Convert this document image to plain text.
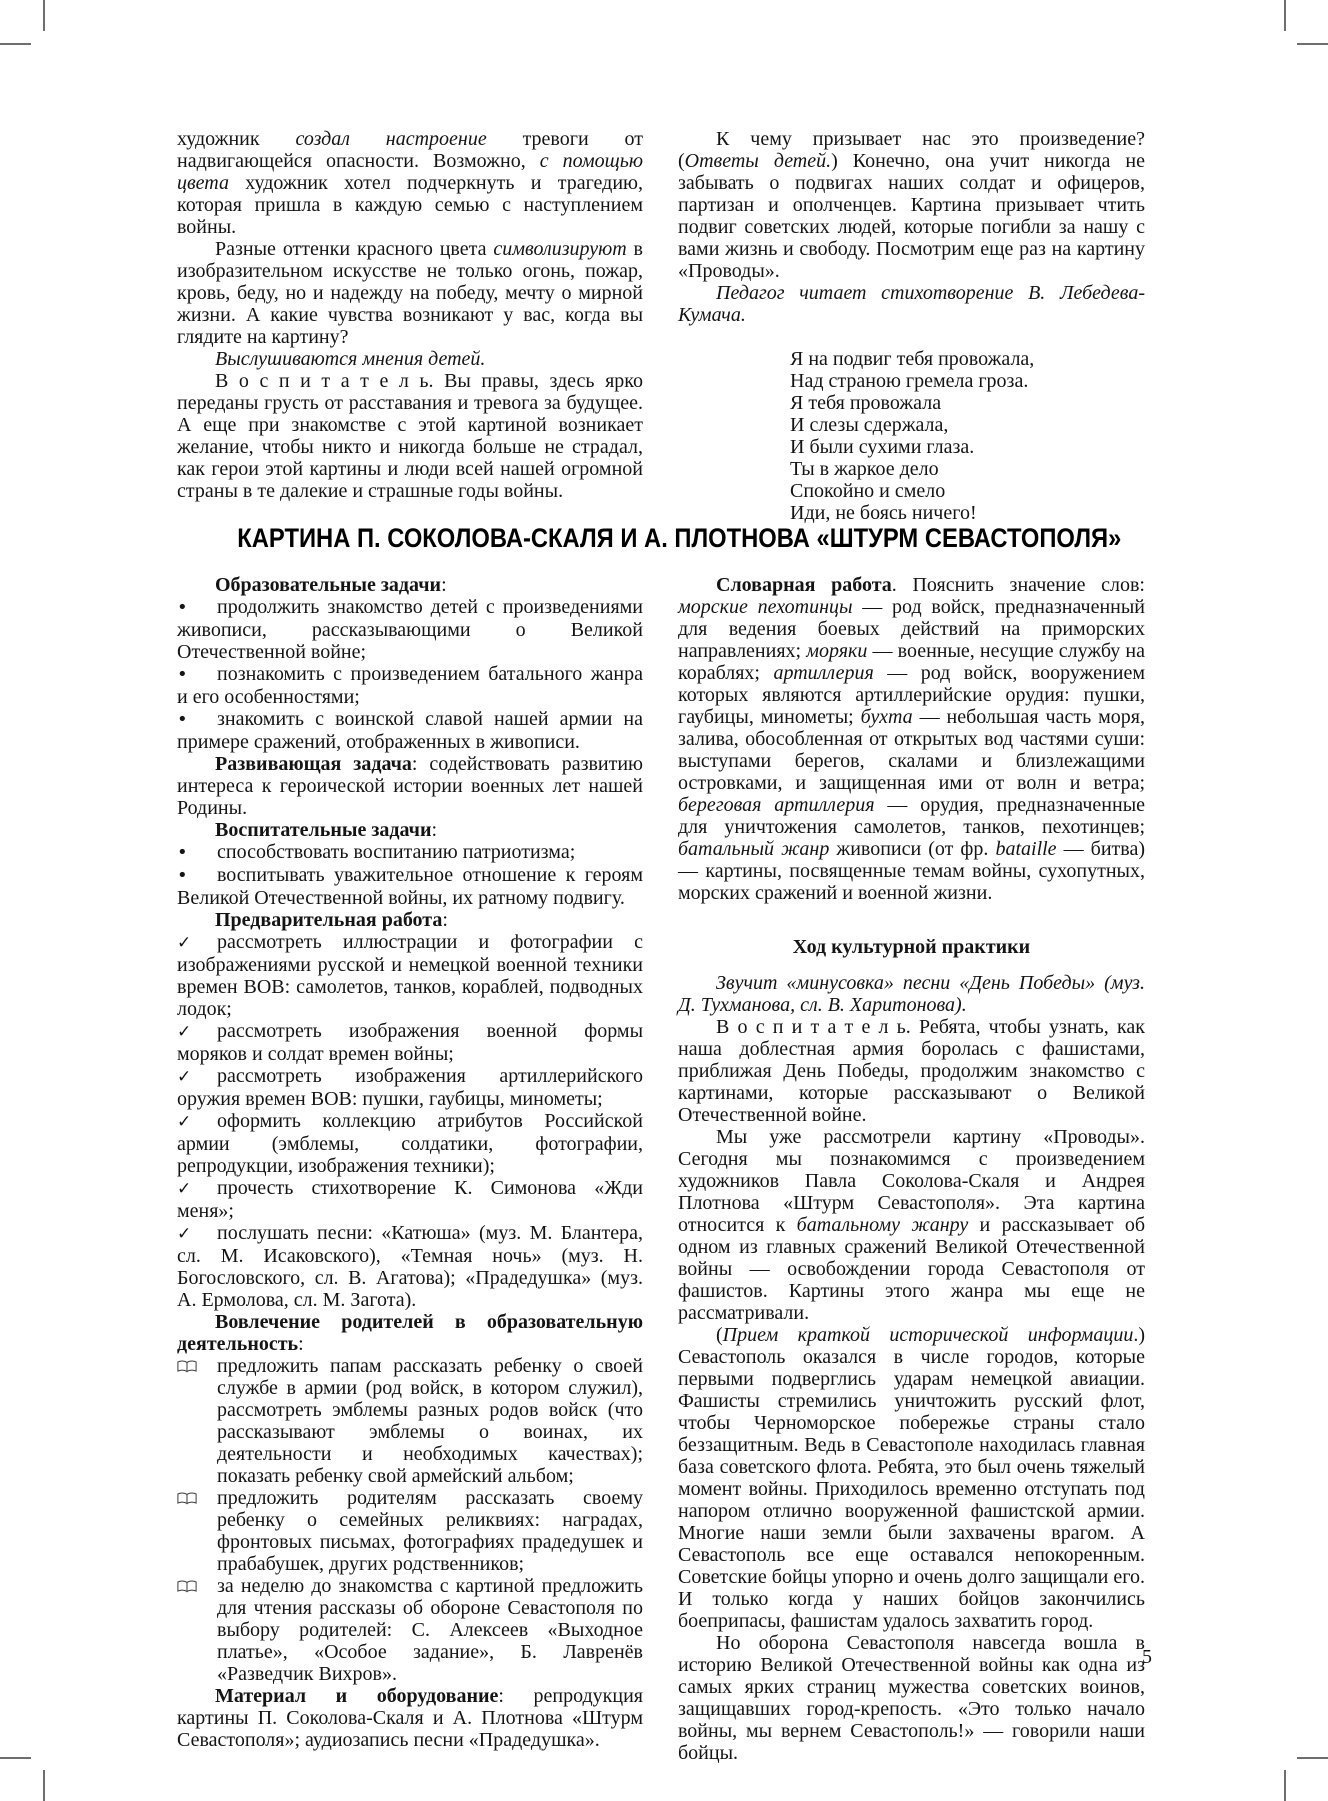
художник создал настроение тревоги от надвигающейся опасности. Возможно, с помощью цвета художник хотел подчеркнуть и трагедию, которая пришла в каждую семью с наступлением войны.

Разные оттенки красного цвета символизируют в изобразительном искусстве не только огонь, пожар, кровь, беду, но и надежду на победу, мечту о мирной жизни. А какие чувства возникают у вас, когда вы глядите на картину?

Выслушиваются мнения детей.

В о с п и т а т е л ь. Вы правы, здесь ярко переданы грусть от расставания и тревога за будущее. А еще при знакомстве с этой картиной возникает желание, чтобы никто и никогда больше не страдал, как герои этой картины и люди всей нашей огромной страны в те далекие и страшные годы войны.

К чему призывает нас это произведение? (Ответы детей.) Конечно, она учит никогда не забывать о подвигах наших солдат и офицеров, партизан и ополченцев. Картина призывает чтить подвиг советских людей, которые погибли за нашу с вами жизнь и свободу. Посмотрим еще раз на картину «Проводы».

Педагог читает стихотворение В. Лебедева-Кумача.

Я на подвиг тебя провожала,
Над страною гремела гроза.
Я тебя провожала
И слезы сдержала,
И были сухими глаза.
Ты в жаркое дело
Спокойно и смело
Иди, не боясь ничего!
КАРТИНА П. СОКОЛОВА-СКАЛЯ И А. ПЛОТНОВА «ШТУРМ СЕВАСТОПОЛЯ»

Образовательные задачи:

• продолжить знакомство детей с произведениями живописи, рассказывающими о Великой Отечественной войне;

• познакомить с произведением батального жанра и его особенностями;

• знакомить с воинской славой нашей армии на примере сражений, отображенных в живописи.

Развивающая задача: содействовать развитию интереса к героической истории военных лет нашей Родины.

Воспитательные задачи:

• способствовать воспитанию патриотизма;

• воспитывать уважительное отношение к героям Великой Отечественной войны, их ратному подвигу.

Предварительная работа:

✓ рассмотреть иллюстрации и фотографии с изображениями русской и немецкой военной техники времен ВОВ: самолетов, танков, кораблей, подводных лодок;

✓ рассмотреть изображения военной формы моряков и солдат времен войны;

✓ рассмотреть изображения артиллерийского оружия времен ВОВ: пушки, гаубицы, минометы;

✓ оформить коллекцию атрибутов Российской армии (эмблемы, солдатики, фотографии, репродукции, изображения техники);

✓ прочесть стихотворение К. Симонова «Жди меня»;

✓ послушать песни: «Катюша» (муз. М. Блантера, сл. М. Исаковского), «Темная ночь» (муз. Н. Богословского, сл. В. Агатова); «Прадедушка» (муз. А. Ермолова, сл. М. Загота).

Вовлечение родителей в образовательную деятельность:

предложить папам рассказать ребенку о своей службе в армии (род войск, в котором служил), рассмотреть эмблемы разных родов войск (что рассказывают эмблемы о воинах, их деятельности и необходимых качествах); показать ребенку свой армейский альбом;

предложить родителям рассказать своему ребенку о семейных реликвиях: наградах, фронтовых письмах, фотографиях прадедушек и прабабушек, других родственников;

за неделю до знакомства с картиной предложить для чтения рассказы об обороне Севастополя по выбору родителей: С. Алексеев «Выходное платье», «Особое задание», Б. Лавренёв «Разведчик Вихров».

Материал и оборудование: репродукция картины П. Соколова-Скаля и А. Плотнова «Штурм Севастополя»; аудиозапись песни «Прадедушка».

Словарная работа. Пояснить значение слов: морские пехотинцы — род войск, предназначенный для ведения боевых действий на приморских направлениях; моряки — военные, несущие службу на кораблях; артиллерия — род войск, вооружением которых являются артиллерийские орудия: пушки, гаубицы, минометы; бухта — небольшая часть моря, залива, обособленная от открытых вод частями суши: выступами берегов, скалами и близлежащими островками, и защищенная ими от волн и ветра; береговая артиллерия — орудия, предназначенные для уничтожения самолетов, танков, пехотинцев; батальный жанр живописи (от фр. bataille — битва) — картины, посвященные темам войны, сухопутных, морских сражений и военной жизни.

Ход культурной практики

Звучит «минусовка» песни «День Победы» (муз. Д. Тухманова, сл. В. Харитонова).

В о с п и т а т е л ь. Ребята, чтобы узнать, как наша доблестная армия боролась с фашистами, приближая День Победы, продолжим знакомство с картинами, которые рассказывают о Великой Отечественной войне.

Мы уже рассмотрели картину «Проводы». Сегодня мы познакомимся с произведением художников Павла Соколова-Скаля и Андрея Плотнова «Штурм Севастополя». Эта картина относится к батальному жанру и рассказывает об одном из главных сражений Великой Отечественной войны — освобождении города Севастополя от фашистов. Картины этого жанра мы еще не рассматривали.

(Прием краткой исторической информации.) Севастополь оказался в числе городов, которые первыми подверглись ударам немецкой авиации. Фашисты стремились уничтожить русский флот, чтобы Черноморское побережье страны стало беззащитным. Ведь в Севастополе находилась главная база советского флота. Ребята, это был очень тяжелый момент войны. Приходилось временно отступать под напором отлично вооруженной фашистской армии. Многие наши земли были захвачены врагом. А Севастополь все еще оставался непокоренным. Советские бойцы упорно и очень долго защищали его. И только когда у наших бойцов закончились боеприпасы, фашистам удалось захватить город.

Но оборона Севастополя навсегда вошла в историю Великой Отечественной войны как одна из самых ярких страниц мужества советских воинов, защищавших город-крепость. «Это только начало войны, мы вернем Севастополь!» — говорили наши бойцы.

5
